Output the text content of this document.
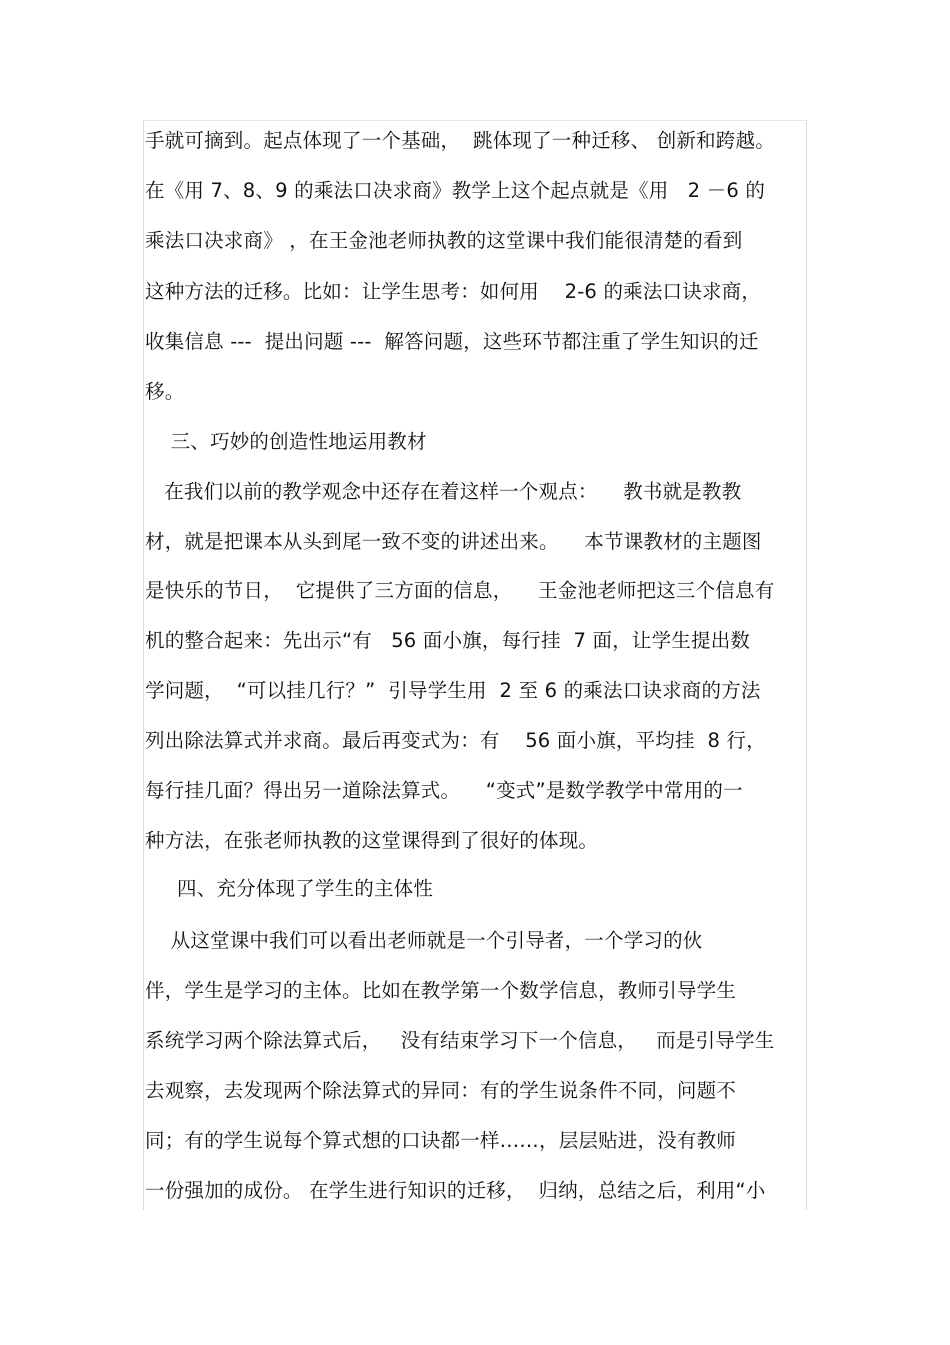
手就可摘到。起点体现了一个基础，  跳体现了一种迁移、 创新和跨越。
在《用 7、8、9 的乘法口决求商》教学上这个起点就是《用   2 －6 的
乘法口决求商》 ，在王金池老师执教的这堂课中我们能很清楚的看到
这种方法的迁移。比如：让学生思考：如何用    2-6 的乘法口诀求商，
收集信息 ---  提出问题 ---  解答问题，这些环节都注重了学生知识的迁
移。
三、巧妙的创造性地运用教材
在我们以前的教学观念中还存在着这样一个观点：    教书就是教教
材，就是把课本从头到尾一致不变的讲述出来。    本节课教材的主题图
是快乐的节日，  它提供了三方面的信息，    王金池老师把这三个信息有
机的整合起来：先出示“有   56 面小旗，每行挂  7 面，让学生提出数
学问题，  “可以挂几行？”  引导学生用  2 至 6 的乘法口诀求商的方法
列出除法算式并求商。最后再变式为：有    56 面小旗，平均挂  8 行，
每行挂几面？得出另一道除法算式。    “变式”是数学教学中常用的一
种方法，在张老师执教的这堂课得到了很好的体现。
四、充分体现了学生的主体性
从这堂课中我们可以看出老师就是一个引导者，一个学习的伙
伴，学生是学习的主体。比如在教学第一个数学信息，教师引导学生
系统学习两个除法算式后，   没有结束学习下一个信息，   而是引导学生
去观察，去发现两个除法算式的异同：有的学生说条件不同，问题不
同；有的学生说每个算式想的口诀都一样……，层层贴进，没有教师
一份强加的成份。 在学生进行知识的迁移，  归纳，总结之后，利用“小
